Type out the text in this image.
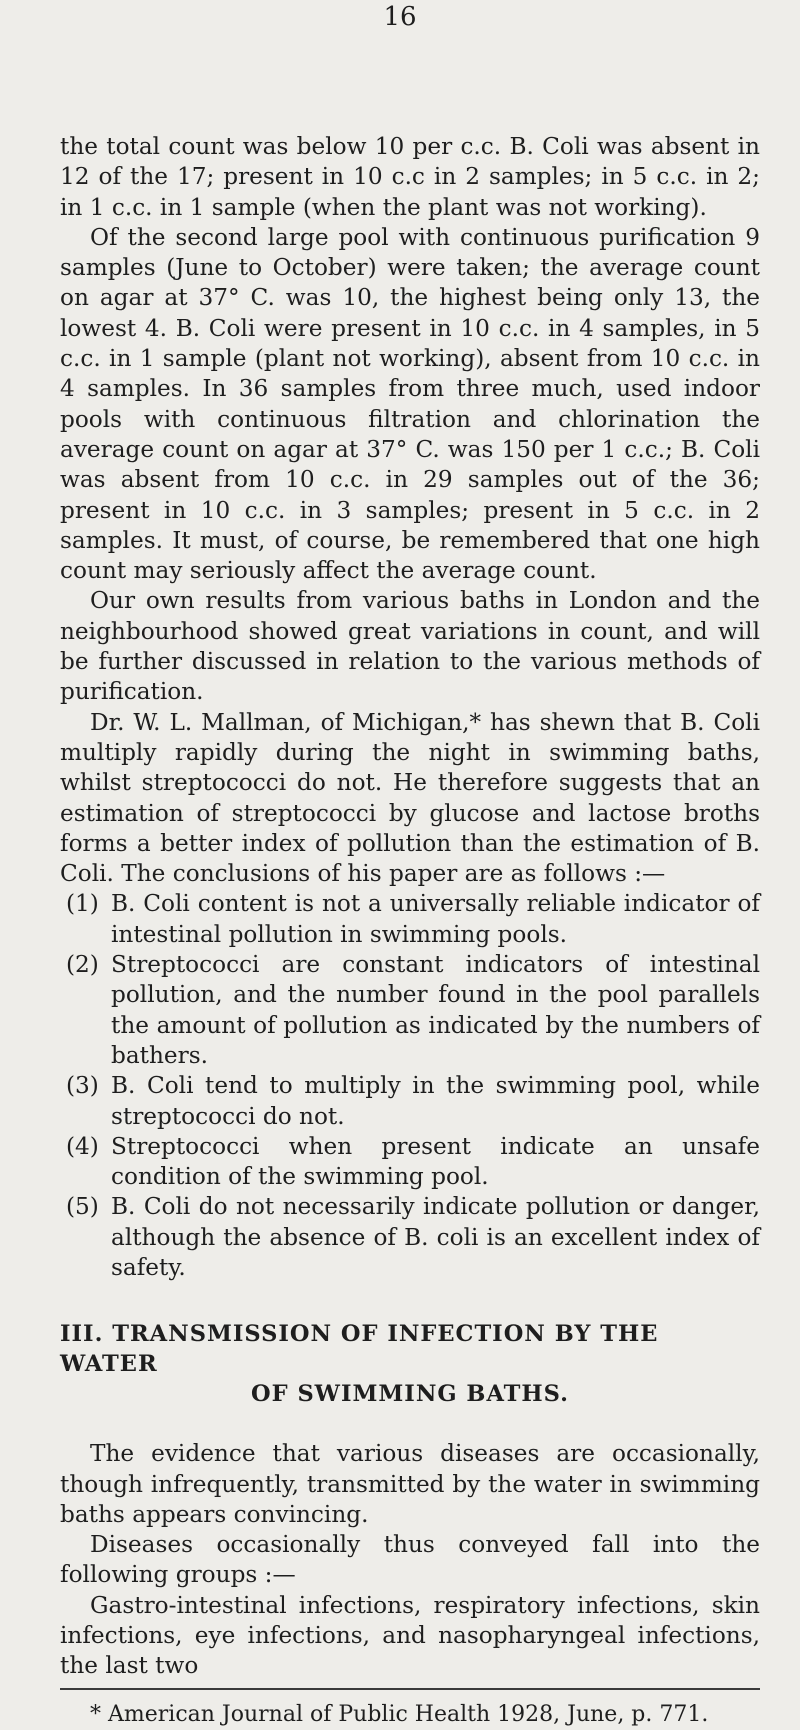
16

the total count was below 10 per c.c. B. Coli was absent in 12 of the 17; present in 10 c.c in 2 samples; in 5 c.c. in 2; in 1 c.c. in 1 sample (when the plant was not working).

Of the second large pool with continuous purification 9 samples (June to October) were taken; the average count on agar at 37° C. was 10, the highest being only 13, the lowest 4. B. Coli were present in 10 c.c. in 4 samples, in 5 c.c. in 1 sample (plant not working), absent from 10 c.c. in 4 samples. In 36 samples from three much, used indoor pools with continuous filtration and chlorination the average count on agar at 37° C. was 150 per 1 c.c.; B. Coli was absent from 10 c.c. in 29 samples out of the 36; present in 10 c.c. in 3 samples; present in 5 c.c. in 2 samples. It must, of course, be remembered that one high count may seriously affect the average count.

Our own results from various baths in London and the neighbourhood showed great variations in count, and will be further discussed in relation to the various methods of purification.

Dr. W. L. Mallman, of Michigan,* has shewn that B. Coli multiply rapidly during the night in swimming baths, whilst streptococci do not. He therefore suggests that an estimation of streptococci by glucose and lactose broths forms a better index of pollution than the estimation of B. Coli. The conclusions of his paper are as follows :—

(1) B. Coli content is not a universally reliable indicator of intestinal pollution in swimming pools.
(2) Streptococci are constant indicators of intestinal pollution, and the number found in the pool parallels the amount of pollution as indicated by the numbers of bathers.
(3) B. Coli tend to multiply in the swimming pool, while streptococci do not.
(4) Streptococci when present indicate an unsafe condition of the swimming pool.
(5) B. Coli do not necessarily indicate pollution or danger, although the absence of B. coli is an excellent index of safety.

III. TRANSMISSION OF INFECTION BY THE WATER
OF SWIMMING BATHS.

The evidence that various diseases are occasionally, though infrequently, transmitted by the water in swimming baths appears convincing.

Diseases occasionally thus conveyed fall into the following groups :—

Gastro-intestinal infections, respiratory infections, skin infections, eye infections, and nasopharyngeal infections, the last two

* American Journal of Public Health 1928, June, p. 771.
